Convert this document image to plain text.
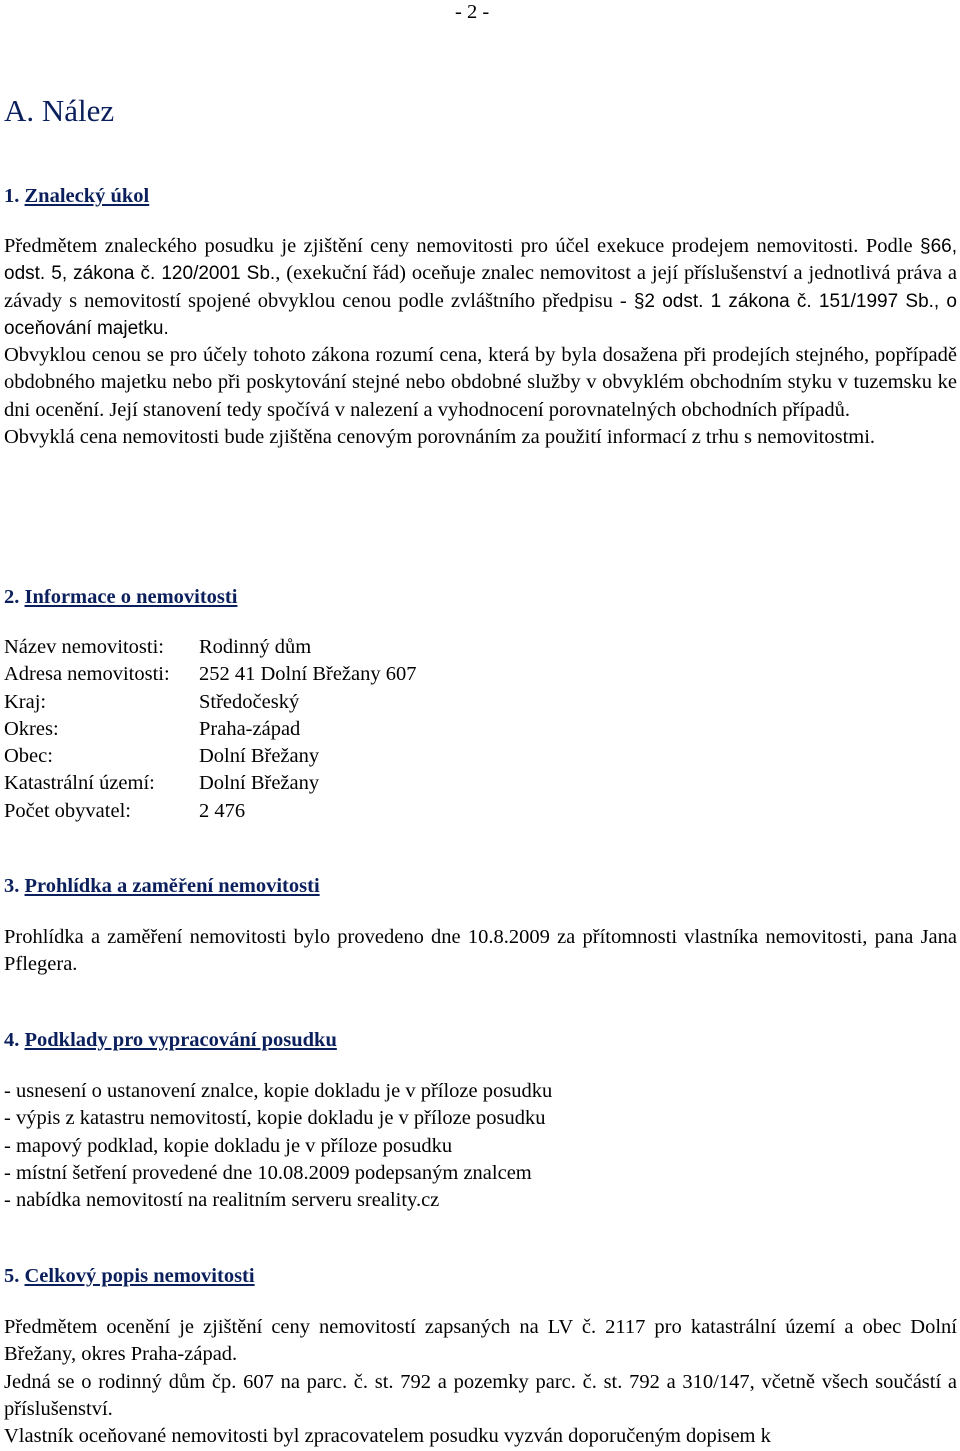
- 2 -
A. Nález
1. Znalecký úkol

Předmětem znaleckého posudku je zjištění ceny nemovitosti pro účel exekuce prodejem nemovitosti. Podle §66, odst. 5, zákona č. 120/2001 Sb., (exekuční řád) oceňuje znalec nemovitost a její příslušenství a jednotlivá práva a závady s nemovitostí spojené obvyklou cenou podle zvláštního předpisu - §2 odst. 1 zákona č. 151/1997 Sb., o oceňování majetku.

Obvyklou cenou se pro účely tohoto zákona rozumí cena, která by byla dosažena při prodejích stejného, popřípadě obdobného majetku nebo při poskytování stejné nebo obdobné služby v obvyklém obchodním styku v tuzemsku ke dni ocenění. Její stanovení tedy spočívá v nalezení a vyhodnocení porovnatelných obchodních případů.

Obvyklá cena nemovitosti bude zjištěna cenovým porovnáním za použití informací z trhu s nemovitostmi.

2. Informace o nemovitosti
Název nemovitosti:	Rodinný dům
Adresa nemovitosti:	252 41 Dolní Břežany 607
Kraj:	Středočeský
Okres:	Praha-západ
Obec:	Dolní Břežany
Katastrální území:	Dolní Břežany
Počet obyvatel:	2 476
3. Prohlídka a zaměření nemovitosti

Prohlídka a zaměření nemovitosti bylo provedeno dne 10.8.2009 za přítomnosti vlastníka nemovitosti, pana Jana Pflegera.

4. Podklady pro vypracování posudku
- usnesení o ustanovení znalce, kopie dokladu je v příloze posudku
- výpis z katastru nemovitostí, kopie dokladu je v příloze posudku
- mapový podklad, kopie dokladu je v příloze posudku
- místní šetření provedené dne 10.08.2009 podepsaným znalcem
- nabídka nemovitostí na realitním serveru sreality.cz
5. Celkový popis nemovitosti

Předmětem ocenění je zjištění ceny nemovitostí zapsaných na LV č. 2117 pro katastrální území a obec Dolní Břežany, okres Praha-západ.

Jedná se o rodinný dům čp. 607 na parc. č. st. 792 a pozemky parc. č. st. 792 a 310/147, včetně všech součástí a příslušenství.

Vlastník oceňované nemovitosti byl zpracovatelem posudku vyzván doporučeným dopisem k
